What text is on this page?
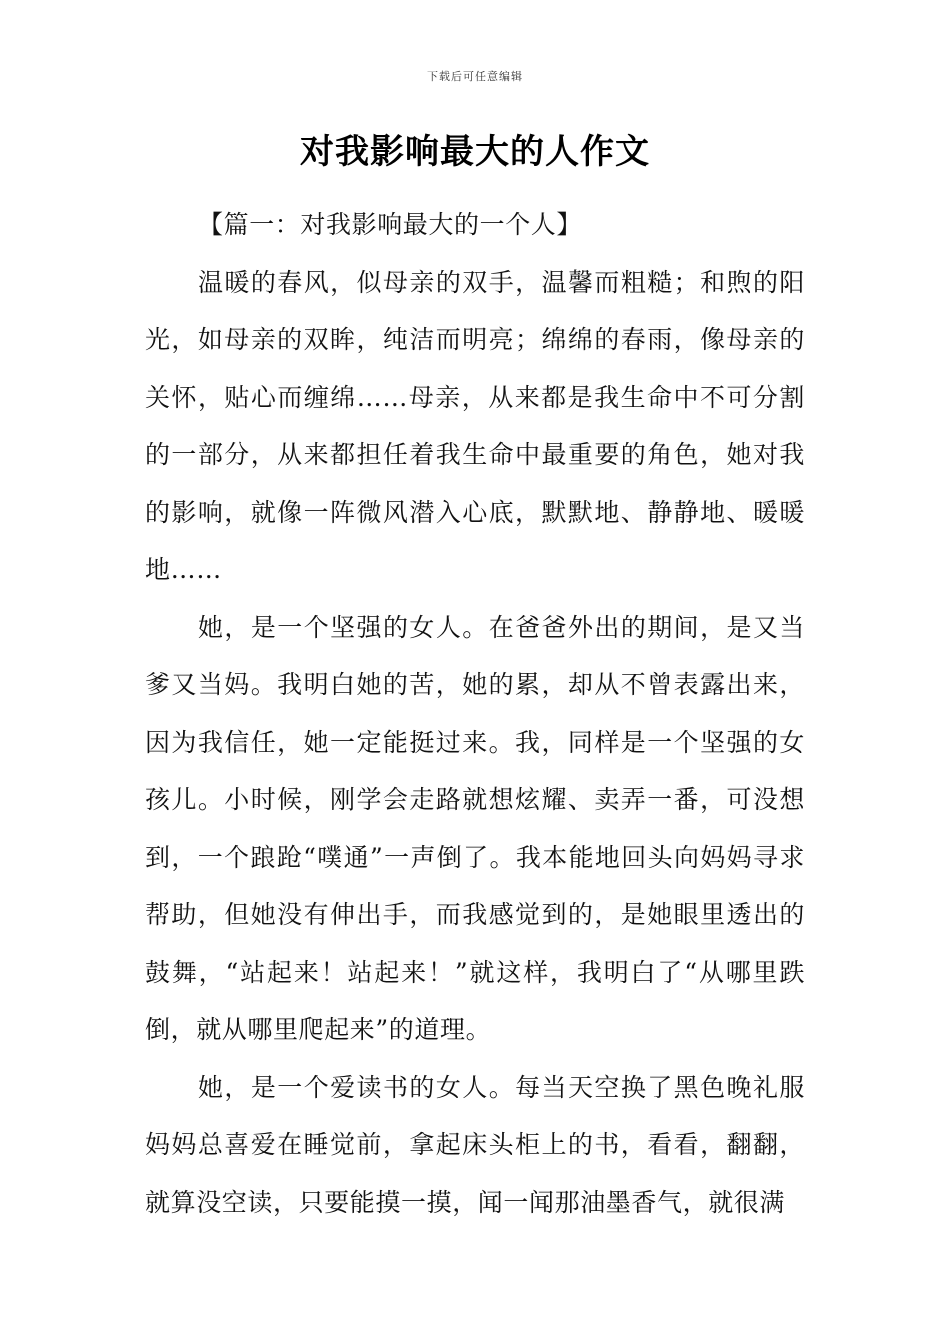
下载后可任意编辑
对我影响最大的人作文

【篇一：对我影响最大的一个人】

温暖的春风，似母亲的双手，温馨而粗糙；和煦的阳光，如母亲的双眸，纯洁而明亮；绵绵的春雨，像母亲的关怀，贴心而缠绵……母亲，从来都是我生命中不可分割的一部分，从来都担任着我生命中最重要的角色，她对我的影响，就像一阵微风潜入心底，默默地、静静地、暖暖地……

她，是一个坚强的女人。在爸爸外出的期间，是又当爹又当妈。我明白她的苦，她的累，却从不曾表露出来，因为我信任，她一定能挺过来。我，同样是一个坚强的女孩儿。小时候，刚学会走路就想炫耀、卖弄一番，可没想到，一个踉跄“噗通”一声倒了。我本能地回头向妈妈寻求帮助，但她没有伸出手，而我感觉到的，是她眼里透出的鼓舞，“站起来！站起来！”就这样，我明白了“从哪里跌倒，就从哪里爬起来”的道理。

她，是一个爱读书的女人。每当天空换了黑色晚礼服妈妈总喜爱在睡觉前，拿起床头柜上的书，看看，翻翻，就算没空读，只要能摸一摸，闻一闻那油墨香气，就很满
